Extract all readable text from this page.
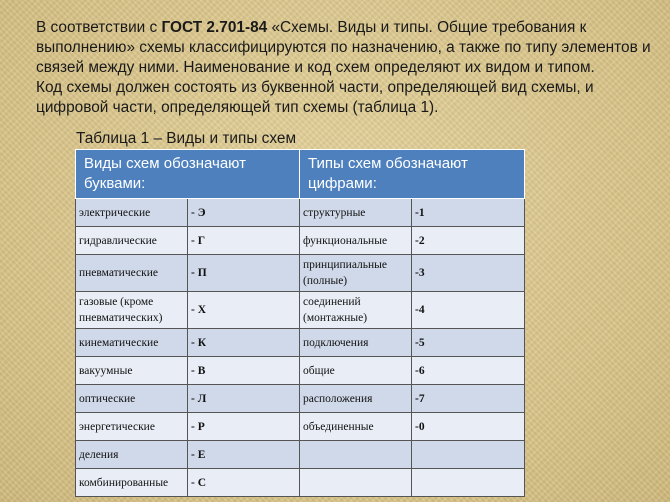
В соответствии с ГОСТ 2.701-84 «Схемы. Виды и типы. Общие требования к выполнению» схемы классифицируются по назначению, а также по типу элементов и связей между ними. Наименование и код схем определяют их видом и типом.
Код схемы должен состоять из буквенной части, определяющей вид схемы, и цифровой части, определяющей тип схемы (таблица 1).

Таблица 1 – Виды и типы схем
Виды схем обозначают буквами:		Типы схем обозначают цифрами:	
электрические	- Э	структурные	-1
гидравлические	- Г	функциональные	-2
пневматические	- П	принципиальные (полные)	-3
газовые (кроме пневматических)	- Х	соединений (монтажные)	-4
кинематические	- К	подключения	-5
вакуумные	- В	общие	-6
оптические	- Л	расположения	-7
энергетические	- Р	объединенные	-0
деления	- Е		
комбинированные	- С		
